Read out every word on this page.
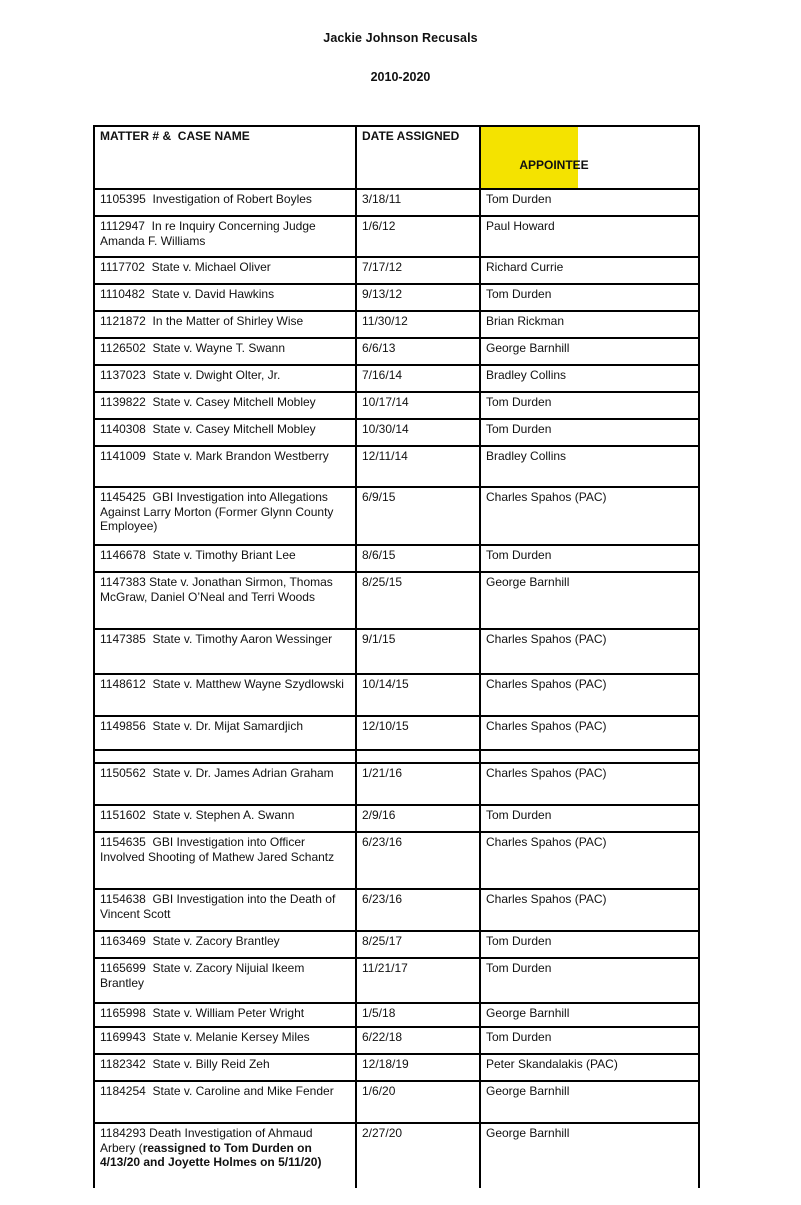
Jackie Johnson Recusals
2010-2020
MATTER # &  CASE NAME	DATE ASSIGNED	APPOINTEE

1105395  Investigation of Robert Boyles	3/18/11	Tom Durden
1112947  In re Inquiry Concerning Judge Amanda F. Williams	1/6/12	Paul Howard
1117702  State v. Michael Oliver	7/17/12	Richard Currie
1110482  State v. David Hawkins	9/13/12	Tom Durden
1121872  In the Matter of Shirley Wise	11/30/12	Brian Rickman
1126502  State v. Wayne T. Swann	6/6/13	George Barnhill
1137023  State v. Dwight Olter, Jr.	7/16/14	Bradley Collins
1139822  State v. Casey Mitchell Mobley	10/17/14	Tom Durden
1140308  State v. Casey Mitchell Mobley	10/30/14	Tom Durden
1141009  State v. Mark Brandon Westberry	12/11/14	Bradley Collins
1145425  GBI Investigation into Allegations Against Larry Morton (Former Glynn County Employee)	6/9/15	Charles Spahos (PAC)
1146678  State v. Timothy Briant Lee	8/6/15	Tom Durden
1147383 State v. Jonathan Sirmon, Thomas McGraw, Daniel O’Neal and Terri Woods	8/25/15	George Barnhill
1147385  State v. Timothy Aaron Wessinger	9/1/15	Charles Spahos (PAC)
1148612  State v. Matthew Wayne Szydlowski	10/14/15	Charles Spahos (PAC)
1149856  State v. Dr. Mijat Samardjich	12/10/15	Charles Spahos (PAC)

1150562  State v. Dr. James Adrian Graham	1/21/16	Charles Spahos (PAC)
1151602  State v. Stephen A. Swann	2/9/16	Tom Durden
1154635  GBI Investigation into Officer Involved Shooting of Mathew Jared Schantz	6/23/16	Charles Spahos (PAC)
1154638  GBI Investigation into the Death of Vincent Scott	6/23/16	Charles Spahos (PAC)
1163469  State v. Zacory Brantley	8/25/17	Tom Durden
1165699  State v. Zacory Nijuial Ikeem Brantley	11/21/17	Tom Durden
1165998  State v. William Peter Wright	1/5/18	George Barnhill
1169943  State v. Melanie Kersey Miles	6/22/18	Tom Durden
1182342  State v. Billy Reid Zeh	12/18/19	Peter Skandalakis (PAC)
1184254  State v. Caroline and Mike Fender	1/6/20	George Barnhill
1184293 Death Investigation of Ahmaud Arbery (reassigned to Tom Durden on 4/13/20 and Joyette Holmes on 5/11/20)	2/27/20	George Barnhill
